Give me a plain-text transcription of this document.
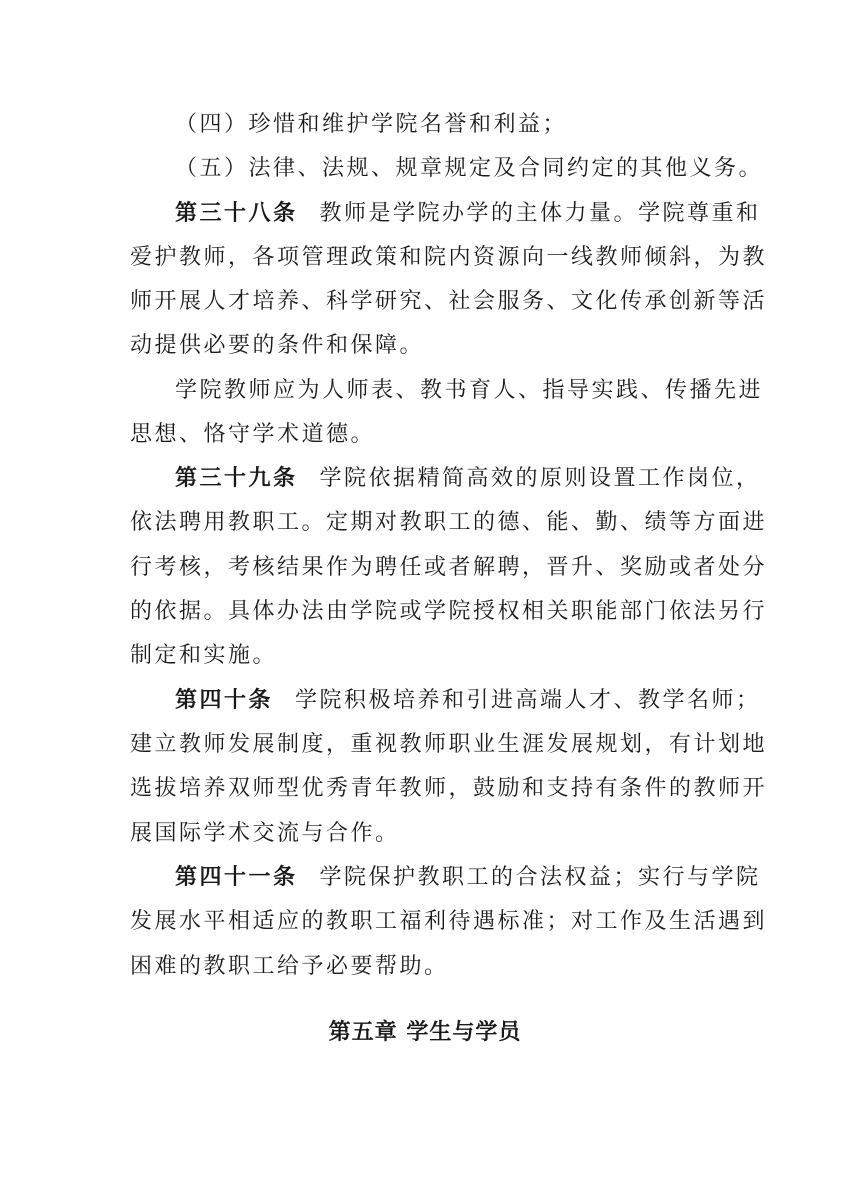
（四）珍惜和维护学院名誉和利益；
（五）法律、法规、规章规定及合同约定的其他义务。
第三十八条 教师是学院办学的主体力量。学院尊重和
爱护教师，各项管理政策和院内资源向一线教师倾斜，为教
师开展人才培养、科学研究、社会服务、文化传承创新等活
动提供必要的条件和保障。
学院教师应为人师表、教书育人、指导实践、传播先进
思想、恪守学术道德。
第三十九条 学院依据精简高效的原则设置工作岗位，
依法聘用教职工。定期对教职工的德、能、勤、绩等方面进
行考核，考核结果作为聘任或者解聘，晋升、奖励或者处分
的依据。具体办法由学院或学院授权相关职能部门依法另行
制定和实施。
第四十条 学院积极培养和引进高端人才、教学名师；
建立教师发展制度，重视教师职业生涯发展规划，有计划地
选拔培养双师型优秀青年教师，鼓励和支持有条件的教师开
展国际学术交流与合作。
第四十一条 学院保护教职工的合法权益；实行与学院
发展水平相适应的教职工福利待遇标准；对工作及生活遇到
困难的教职工给予必要帮助。
第五章 学生与学员
